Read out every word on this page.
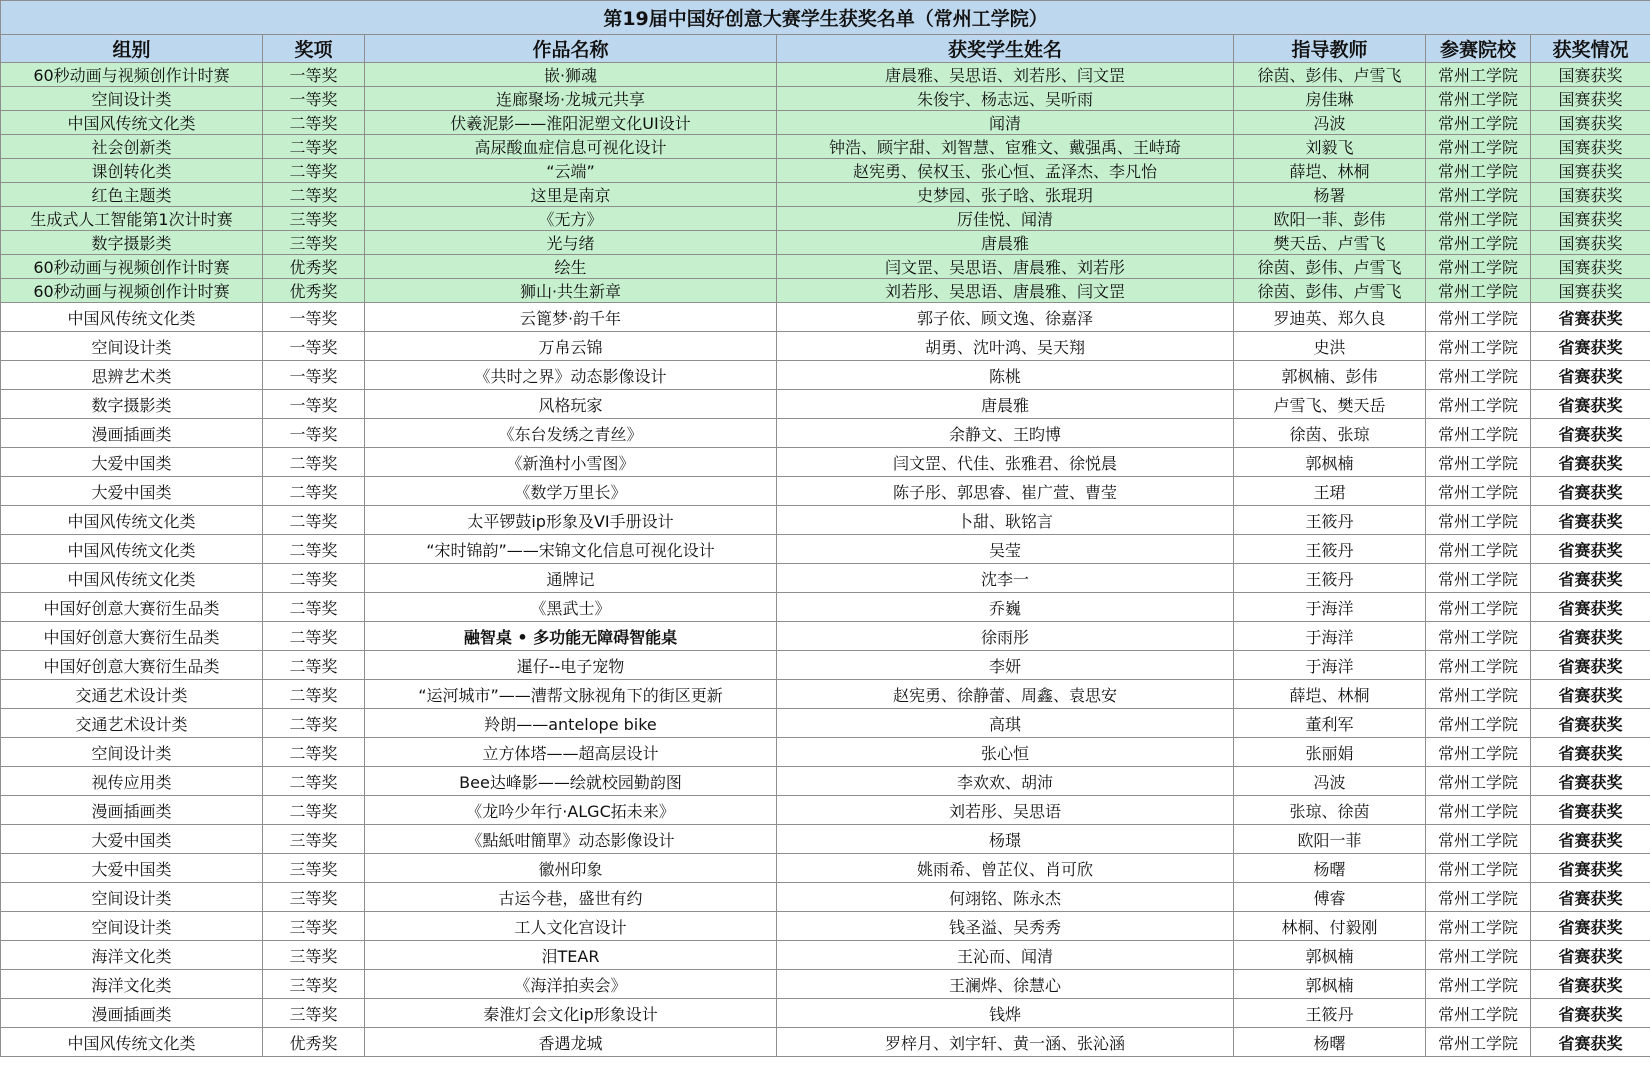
第19届中国好创意大赛学生获奖名单（常州工学院）						
组别	奖项	作品名称	获奖学生姓名	指导教师	参赛院校	获奖情况
60秒动画与视频创作计时赛	一等奖	嵌·狮魂	唐晨雅、吴思语、刘若彤、闫文罡	徐茵、彭伟、卢雪飞	常州工学院	国赛获奖
空间设计类	一等奖	连廊聚场·龙城元共享	朱俊宇、杨志远、吴听雨	房佳琳	常州工学院	国赛获奖
中国风传统文化类	二等奖	伏羲泥影——淮阳泥塑文化UI设计	闻清	冯波	常州工学院	国赛获奖
社会创新类	二等奖	高尿酸血症信息可视化设计	钟浩、顾宇甜、刘智慧、宦雅文、戴强禹、王峙琦	刘毅飞	常州工学院	国赛获奖
课创转化类	二等奖	“云端”	赵宪勇、侯权玉、张心恒、孟泽杰、李凡怡	薛垲、林桐	常州工学院	国赛获奖
红色主题类	二等奖	这里是南京	史梦园、张子晗、张琨玥	杨署	常州工学院	国赛获奖
生成式人工智能第1次计时赛	三等奖	《无方》	厉佳悦、闻清	欧阳一菲、彭伟	常州工学院	国赛获奖
数字摄影类	三等奖	光与绪	唐晨雅	樊天岳、卢雪飞	常州工学院	国赛获奖
60秒动画与视频创作计时赛	优秀奖	绘生	闫文罡、吴思语、唐晨雅、刘若彤	徐茵、彭伟、卢雪飞	常州工学院	国赛获奖
60秒动画与视频创作计时赛	优秀奖	狮山·共生新章	刘若彤、吴思语、唐晨雅、闫文罡	徐茵、彭伟、卢雪飞	常州工学院	国赛获奖
中国风传统文化类	一等奖	云篦梦·韵千年	郭子依、顾文逸、徐嘉泽	罗迪英、郑久良	常州工学院	省赛获奖
空间设计类	一等奖	万帛云锦	胡勇、沈叶鸿、吴天翔	史洪	常州工学院	省赛获奖
思辨艺术类	一等奖	《共时之界》动态影像设计	陈桃	郭枫楠、彭伟	常州工学院	省赛获奖
数字摄影类	一等奖	风格玩家	唐晨雅	卢雪飞、樊天岳	常州工学院	省赛获奖
漫画插画类	一等奖	《东台发绣之青丝》	余静文、王昀博	徐茵、张琼	常州工学院	省赛获奖
大爱中国类	二等奖	《新渔村小雪图》	闫文罡、代佳、张雅君、徐悦晨	郭枫楠	常州工学院	省赛获奖
大爱中国类	二等奖	《数学万里长》	陈子彤、郭思睿、崔广萱、曹莹	王珺	常州工学院	省赛获奖
中国风传统文化类	二等奖	太平锣鼓ip形象及VI手册设计	卜甜、耿铭言	王筱丹	常州工学院	省赛获奖
中国风传统文化类	二等奖	“宋时锦韵”——宋锦文化信息可视化设计	吴莹	王筱丹	常州工学院	省赛获奖
中国风传统文化类	二等奖	通牌记	沈李一	王筱丹	常州工学院	省赛获奖
中国好创意大赛衍生品类	二等奖	《黑武士》	乔巍	于海洋	常州工学院	省赛获奖
中国好创意大赛衍生品类	二等奖	融智桌 • 多功能无障碍智能桌	徐雨彤	于海洋	常州工学院	省赛获奖
中国好创意大赛衍生品类	二等奖	暹仔--电子宠物	李妍	于海洋	常州工学院	省赛获奖
交通艺术设计类	二等奖	“运河城市”——漕帮文脉视角下的街区更新	赵宪勇、徐静蕾、周鑫、袁思安	薛垲、林桐	常州工学院	省赛获奖
交通艺术设计类	二等奖	羚朗——antelope bike	高琪	董利军	常州工学院	省赛获奖
空间设计类	二等奖	立方体塔——超高层设计	张心恒	张丽娟	常州工学院	省赛获奖
视传应用类	二等奖	Bee达峰影——绘就校园勤韵图	李欢欢、胡沛	冯波	常州工学院	省赛获奖
漫画插画类	二等奖	《龙吟少年行·ALGC拓未来》	刘若彤、吴思语	张琼、徐茵	常州工学院	省赛获奖
大爱中国类	三等奖	《點紙咁簡單》动态影像设计	杨璟	欧阳一菲	常州工学院	省赛获奖
大爱中国类	三等奖	徽州印象	姚雨希、曾芷仪、肖可欣	杨曙	常州工学院	省赛获奖
空间设计类	三等奖	古运今巷，盛世有约	何翊铭、陈永杰	傅睿	常州工学院	省赛获奖
空间设计类	三等奖	工人文化宫设计	钱圣溢、吴秀秀	林桐、付毅刚	常州工学院	省赛获奖
海洋文化类	三等奖	泪TEAR	王沁而、闻清	郭枫楠	常州工学院	省赛获奖
海洋文化类	三等奖	《海洋拍卖会》	王澜烨、徐慧心	郭枫楠	常州工学院	省赛获奖
漫画插画类	三等奖	秦淮灯会文化ip形象设计	钱烨	王筱丹	常州工学院	省赛获奖
中国风传统文化类	优秀奖	香遇龙城	罗梓月、刘宇轩、黄一涵、张沁涵	杨曙	常州工学院	省赛获奖
